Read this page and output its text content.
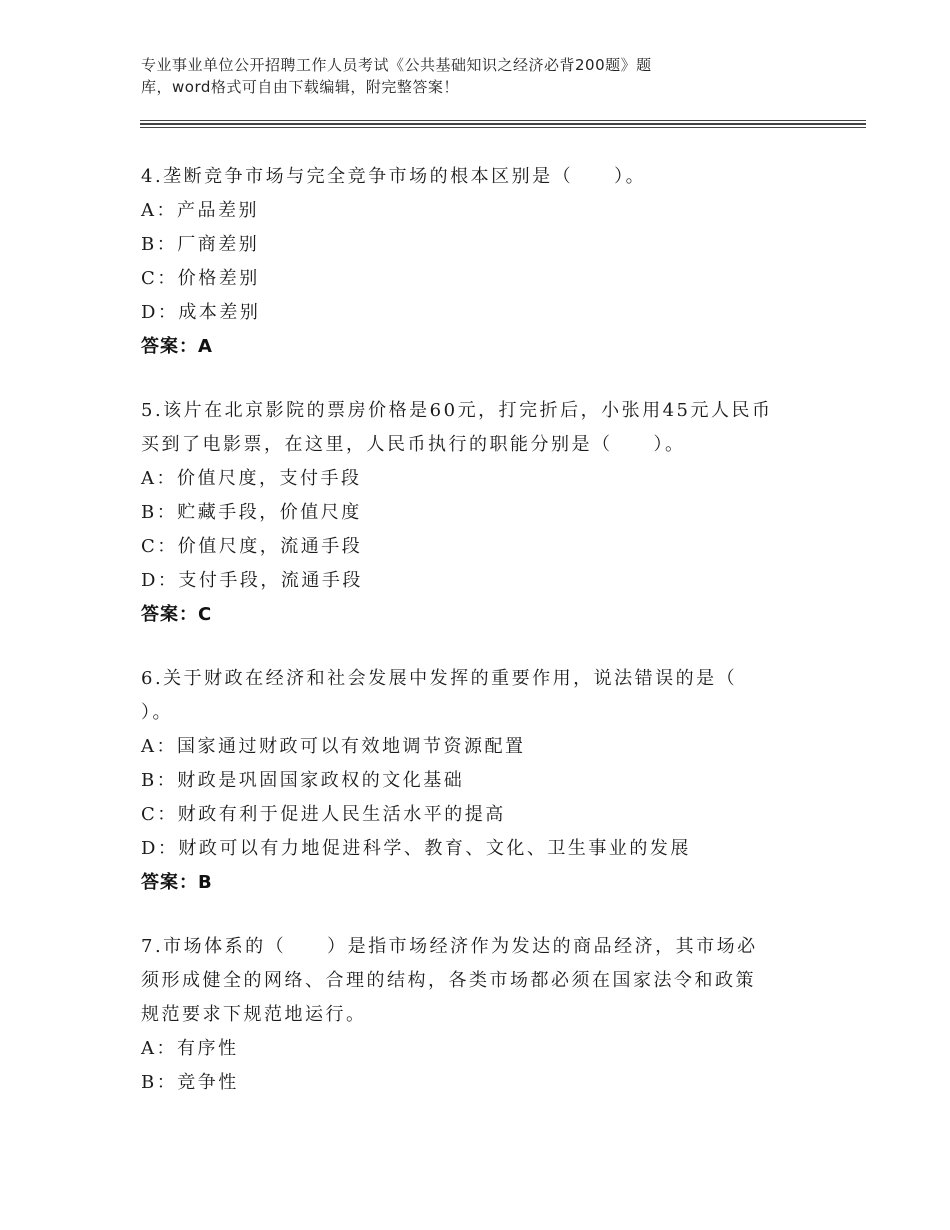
专业事业单位公开招聘工作人员考试《公共基础知识之经济必背200题》题
库，word格式可自由下载编辑，附完整答案！
4.垄断竞争市场与完全竞争市场的根本区别是（　　）。
A：产品差别
B：厂商差别
C：价格差别
D：成本差别
答案：A
5.该片在北京影院的票房价格是60元，打完折后，小张用45元人民币
买到了电影票，在这里，人民币执行的职能分别是（　　）。
A：价值尺度，支付手段
B：贮藏手段，价值尺度
C：价值尺度，流通手段
D：支付手段，流通手段
答案：C
6.关于财政在经济和社会发展中发挥的重要作用，说法错误的是（
）。
A：国家通过财政可以有效地调节资源配置
B：财政是巩固国家政权的文化基础
C：财政有利于促进人民生活水平的提高
D：财政可以有力地促进科学、教育、文化、卫生事业的发展
答案：B
7.市场体系的（　　）是指市场经济作为发达的商品经济，其市场必
须形成健全的网络、合理的结构，各类市场都必须在国家法令和政策
规范要求下规范地运行。
A：有序性
B：竞争性
